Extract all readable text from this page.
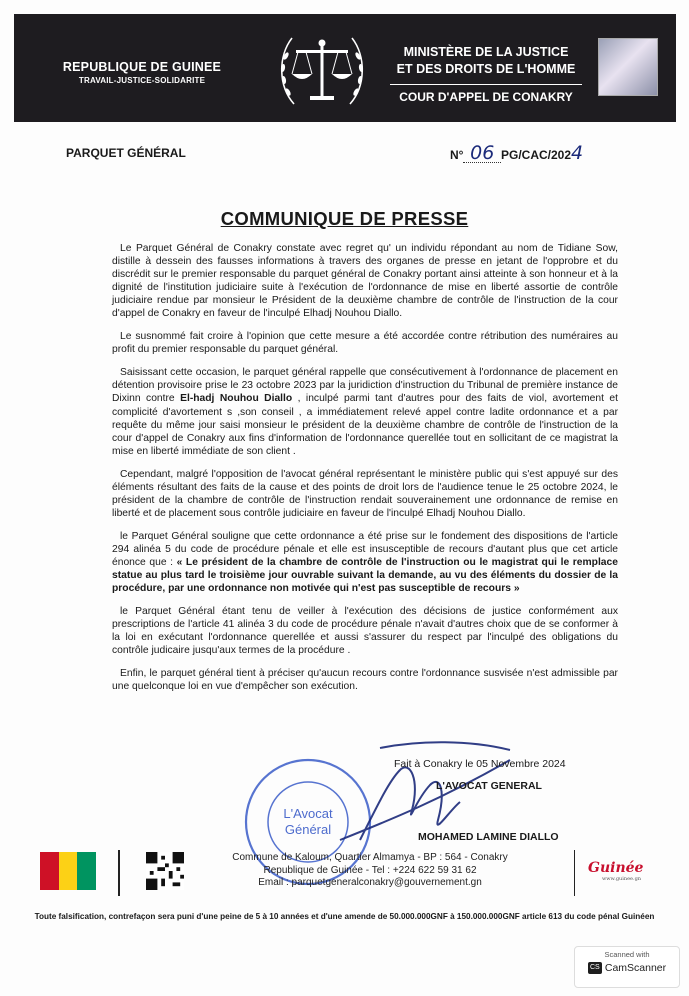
REPUBLIQUE DE GUINEE
TRAVAIL-JUSTICE-SOLIDARITE
MINISTÈRE DE LA JUSTICE
ET DES DROITS DE L'HOMME
COUR D'APPEL DE CONAKRY
PARQUET GÉNÉRAL	N° 06 PG/CAC/2024
COMMUNIQUE DE PRESSE

Le Parquet Général de Conakry constate avec regret qu' un individu répondant au nom de Tidiane Sow, distille à dessein des fausses informations à travers des organes de presse en jetant de l'opprobre et du discrédit sur le premier responsable du parquet général de Conakry portant ainsi atteinte à son honneur et à la dignité de l'institution judiciaire suite à l'exécution de l'ordonnance de mise en liberté assortie de contrôle judiciaire rendue par monsieur le Président de la deuxième chambre de contrôle de l'instruction de la cour d'appel de Conakry en faveur de l'inculpé Elhadj Nouhou Diallo.

Le susnommé fait croire à l'opinion que cette mesure a été accordée contre rétribution des numéraires au profit du premier responsable du parquet général.

Saisissant cette occasion, le parquet général rappelle que consécutivement à l'ordonnance de placement en détention provisoire prise le 23 octobre 2023 par la juridiction d'instruction du Tribunal de première instance de Dixinn contre El-hadj Nouhou Diallo , inculpé parmi tant d'autres pour des faits de viol, avortement et complicité d'avortement s ,son conseil , a immédiatement relevé appel contre ladite ordonnance et a par requête du même jour saisi monsieur le président de la deuxième chambre de contrôle de l'instruction de la cour d'appel de Conakry aux fins d'information de l'ordonnance querellée tout en sollicitant de ce magistrat la mise en liberté immédiate de son client .

Cependant, malgré l'opposition de l'avocat général représentant le ministère public qui s'est appuyé sur des éléments résultant des faits de la cause et des points de droit lors de l'audience tenue le 25 octobre 2024, le président de la chambre de contrôle de l'instruction rendait souverainement une ordonnance de remise en liberté et de placement sous contrôle judiciaire en faveur de l'inculpé Elhadj Nouhou Diallo.

le Parquet Général souligne que cette ordonnance a été prise sur le fondement des dispositions de l'article 294 alinéa 5 du code de procédure pénale et elle est insusceptible de recours d'autant plus que cet article énonce que : « Le président de la chambre de contrôle de l'instruction ou le magistrat qui le remplace statue au plus tard le troisième jour ouvrable suivant la demande, au vu des éléments du dossier de la procédure, par une ordonnance non motivée qui n'est pas susceptible de recours »

le Parquet Général étant tenu de veiller à l'exécution des décisions de justice conformément aux prescriptions de l'article 41 alinéa 3 du code de procédure pénale n'avait d'autres choix que de se conformer à la loi en exécutant l'ordonnance querellée et aussi s'assurer du respect par l'inculpé des obligations du contrôle judicaire jusqu'aux termes de la procédure .

Enfin, le parquet général tient à préciser qu'aucun recours contre l'ordonnance susvisée n'est admissible par une quelconque loi en vue d'empêcher son exécution.

L'Avocat
Général
Fait à Conakry le 05 Novembre 2024
L'AVOCAT GENERAL
MOHAMED LAMINE DIALLO
Commune de Kaloum, Quartier Almamya - BP : 564 - Conakry
Republique de Guinée - Tel : +224 622 59 31 62
Email : parquetgeneralconakry@gouvernement.gn
Guinée
www.guinee.gn
Toute falsification, contrefaçon sera puni d'une peine de 5 à 10 années et d'une amende de 50.000.000GNF à 150.000.000GNF article 613 du code pénal Guinéen
Scanned with
CS CamScanner
